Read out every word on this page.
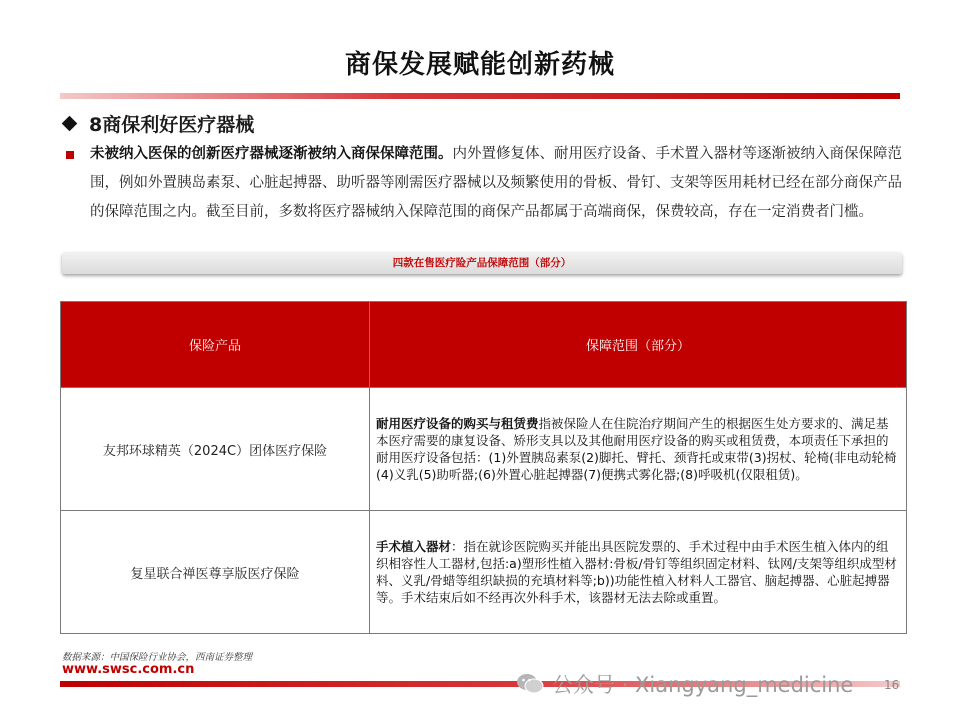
商保发展赋能创新药械
8商保利好医疗器械
未被纳入医保的创新医疗器械逐渐被纳入商保保障范围。内外置修复体、耐用医疗设备、手术置入器材等逐渐被纳入商保保障范围，例如外置胰岛素泵、心脏起搏器、助听器等刚需医疗器械以及频繁使用的骨板、骨钉、支架等医用耗材已经在部分商保产品的保障范围之内。截至目前，多数将医疗器械纳入保障范围的商保产品都属于高端商保，保费较高，存在一定消费者门槛。
四款在售医疗险产品保障范围（部分）
保险产品	保障范围（部分）
友邦环球精英（2024C）团体医疗保险	耐用医疗设备的购买与租赁费指被保险人在住院治疗期间产生的根据医生处方要求的、满足基本医疗需要的康复设备、矫形支具以及其他耐用医疗设备的购买或租赁费，本项责任下承担的耐用医疗设备包括：(1)外置胰岛素泵(2)脚托、臂托、颈背托或束带(3)拐杖、轮椅(非电动轮椅(4)义乳(5)助听器;(6)外置心脏起搏器(7)便携式雾化器;(8)呼吸机(仅限租赁)。
复星联合禅医尊享版医疗保险	手术植入器材：指在就诊医院购买并能出具医院发票的、手术过程中由手术医生植入体内的组织相容性人工器材,包括:a)塑形性植入器材:骨板/骨钉等组织固定材料、钛网/支架等组织成型材料、义乳/骨蜡等组织缺损的充填材料等;b))功能性植入材料人工器官、脑起搏器、心脏起搏器等。手术结束后如不经再次外科手术，该器材无法去除或重置。
数据来源：中国保险行业协会，西南证券整理
www.swsc.com.cn
公众号 · Xiangyang_medicine	16
